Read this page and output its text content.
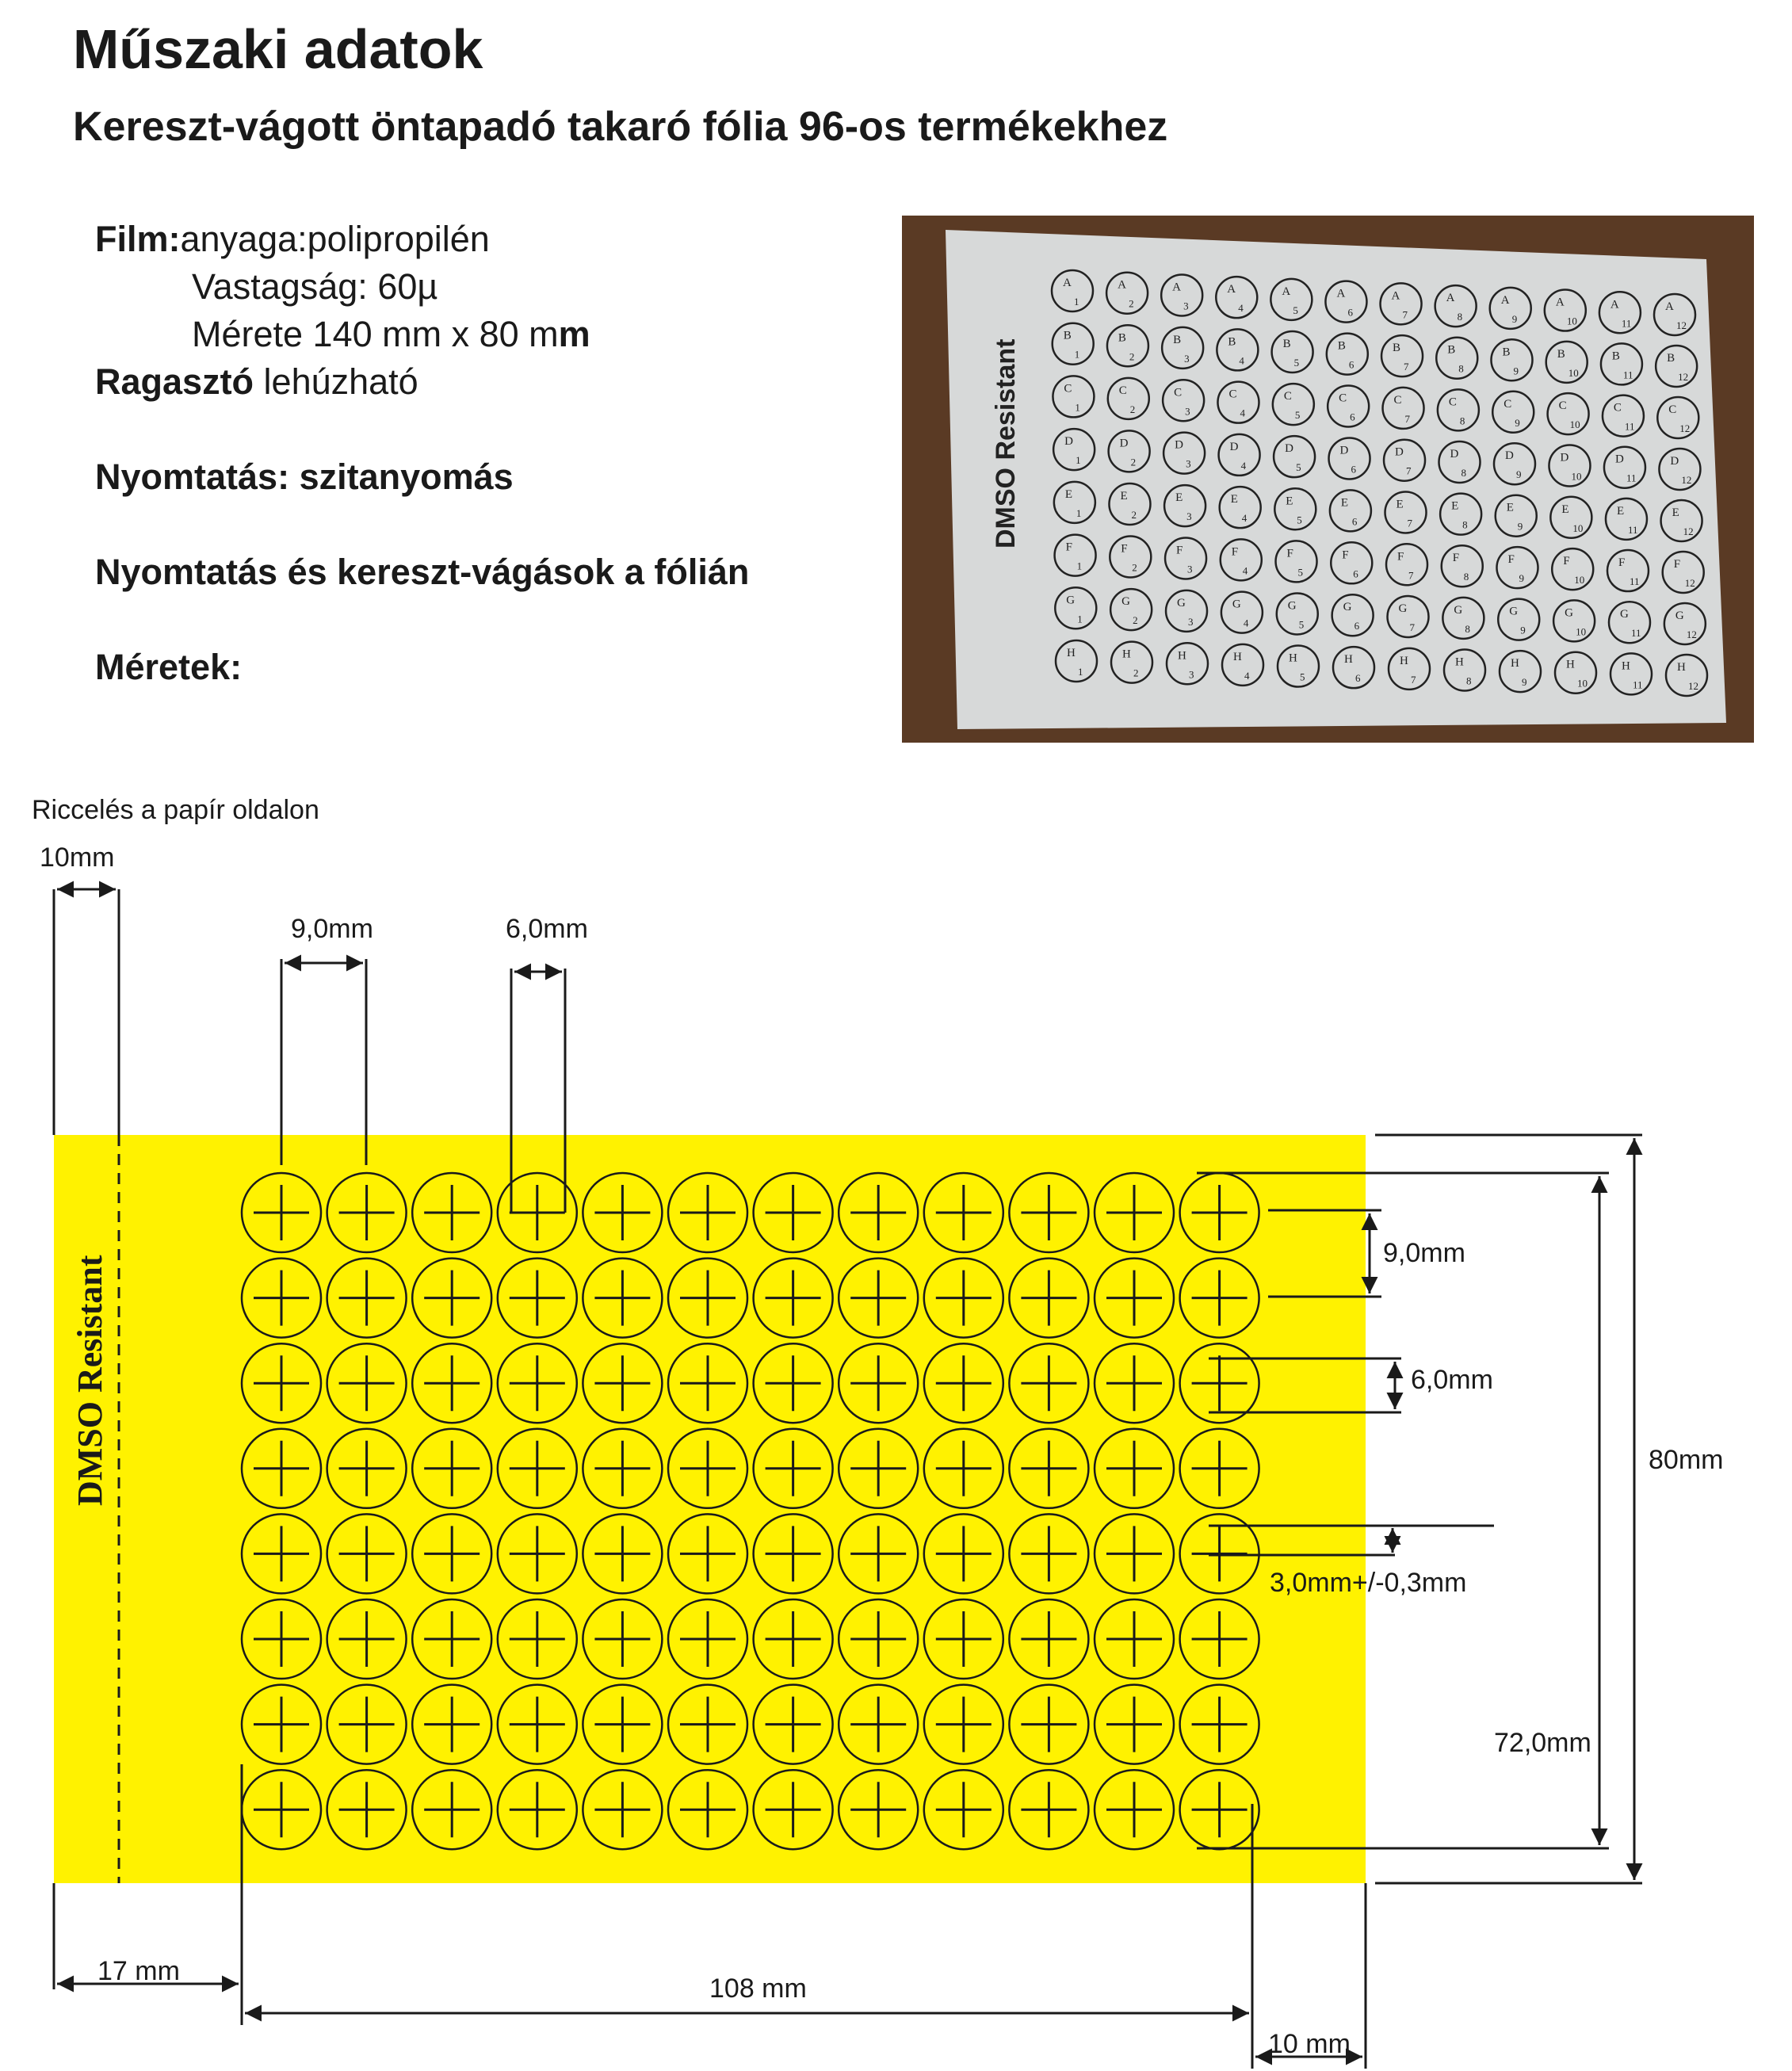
Műszaki adatok
Kereszt-vágott öntapadó takaró fólia 96-os termékekhez
Film:anyaga:polipropilén
Vastagság: 60µ
Mérete 140 mm x 80 mm
Ragasztó lehúzható
Nyomtatás: szitanyomás
Nyomtatás és kereszt-vágások a fólián
Méretek:
DMSO Resistant
A
1
A
2
A
3
A
4
A
5
A
6
A
7
A
8
A
9
A
10
A
11
A
12
B
1
B
2
B
3
B
4
B
5
B
6
B
7
B
8
B
9
B
10
B
11
B
12
C
1
C
2
C
3
C
4
C
5
C
6
C
7
C
8
C
9
C
10
C
11
C
12
D
1
D
2
D
3
D
4
D
5
D
6
D
7
D
8
D
9
D
10
D
11
D
12
E
1
E
2
E
3
E
4
E
5
E
6
E
7
E
8
E
9
E
10
E
11
E
12
F
1
F
2
F
3
F
4
F
5
F
6
F
7
F
8
F
9
F
10
F
11
F
12
G
1
G
2
G
3
G
4
G
5
G
6
G
7
G
8
G
9
G
10
G
11
G
12
H
1
H
2
H
3
H
4
H
5
H
6
H
7
H
8
H
9
H
10
H
11
H
12
Riccelés a papír oldalon
DMSO Resistant
10mm
9,0mm	6,0mm
9,0mm
6,0mm
3,0mm+/-0,3mm
80mm
72,0mm
17 mm
108 mm
10 mm
